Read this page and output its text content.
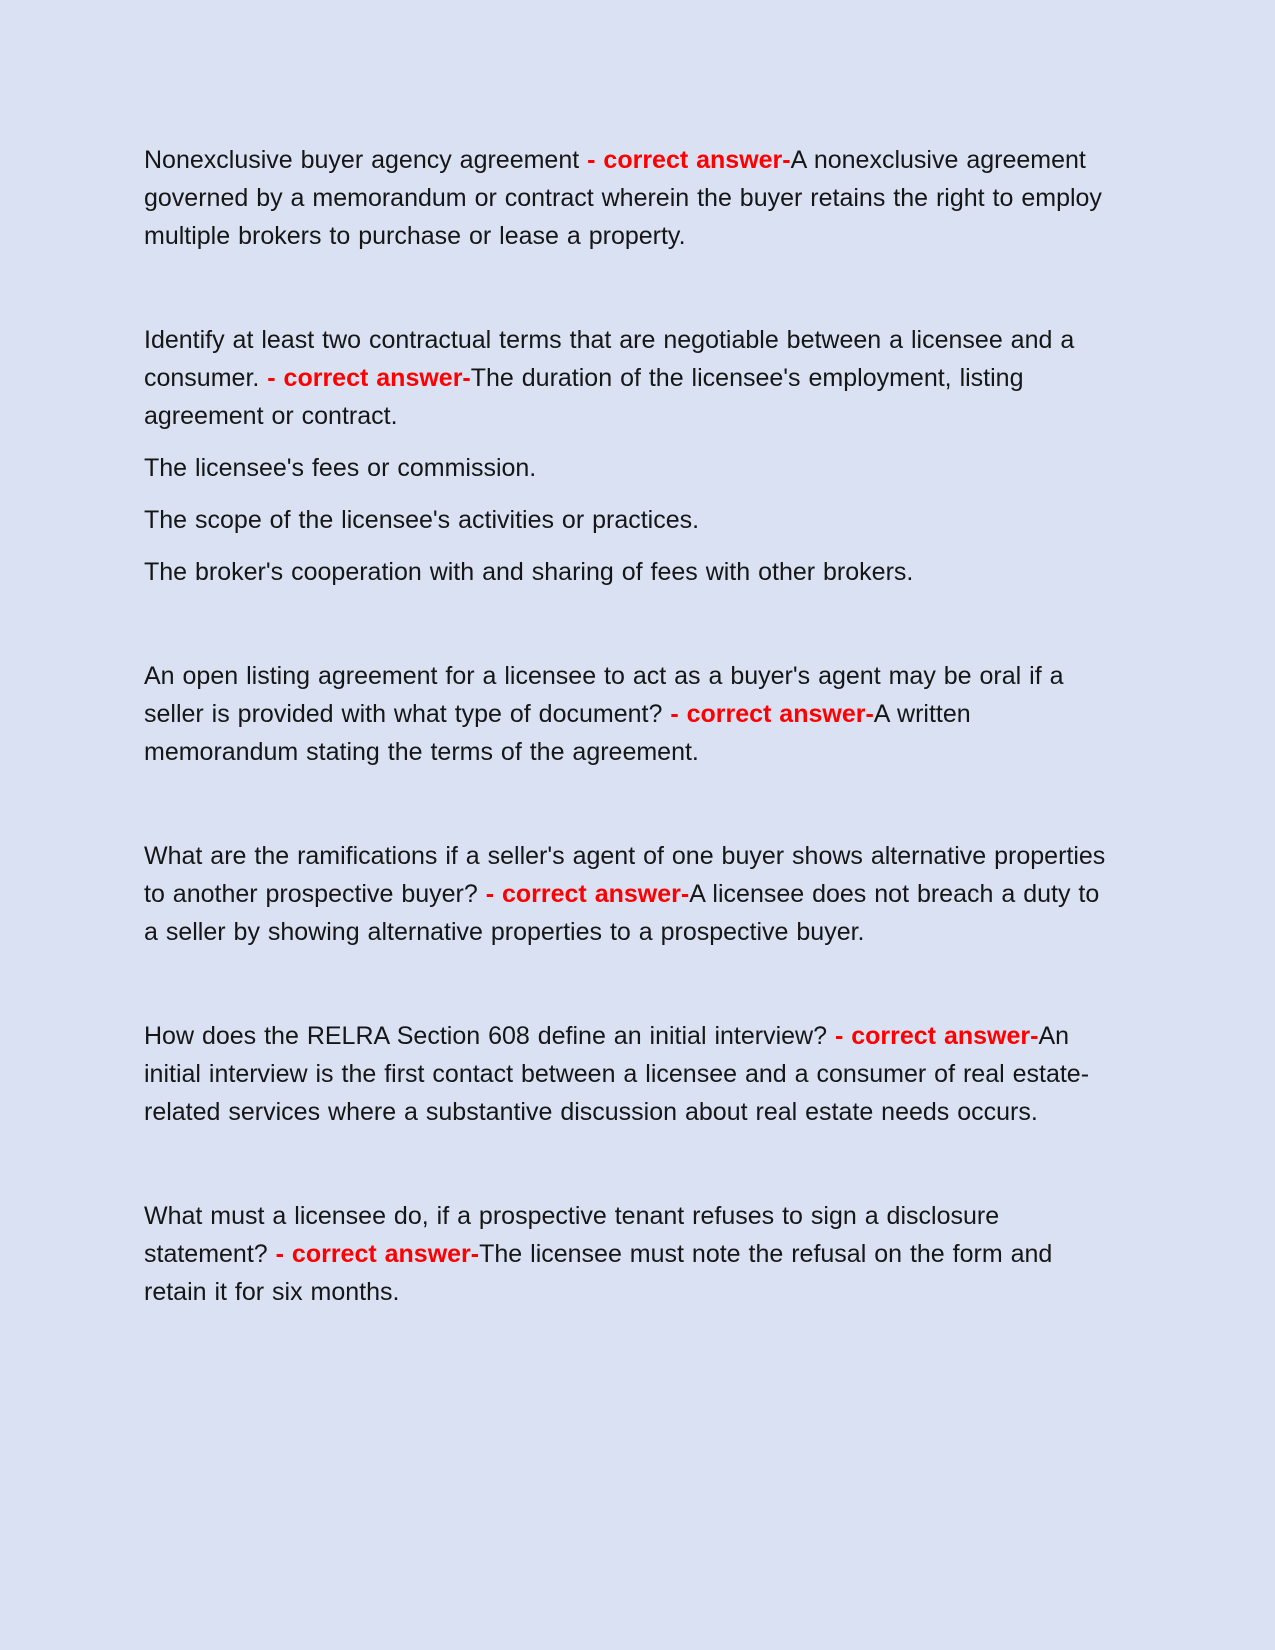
Nonexclusive buyer agency agreement - correct answer-A nonexclusive agreement governed by a memorandum or contract wherein the buyer retains the right to employ multiple brokers to purchase or lease a property.

Identify at least two contractual terms that are negotiable between a licensee and a consumer. - correct answer-The duration of the licensee's employment, listing agreement or contract.

The licensee's fees or commission.

The scope of the licensee's activities or practices.

The broker's cooperation with and sharing of fees with other brokers.

An open listing agreement for a licensee to act as a buyer's agent may be oral if a seller is provided with what type of document? - correct answer-A written memorandum stating the terms of the agreement.

What are the ramifications if a seller's agent of one buyer shows alternative properties to another prospective buyer? - correct answer-A licensee does not breach a duty to a seller by showing alternative properties to a prospective buyer.

How does the RELRA Section 608 define an initial interview? - correct answer-An initial interview is the first contact between a licensee and a consumer of real estate-related services where a substantive discussion about real estate needs occurs.

What must a licensee do, if a prospective tenant refuses to sign a disclosure statement? - correct answer-The licensee must note the refusal on the form and retain it for six months.
